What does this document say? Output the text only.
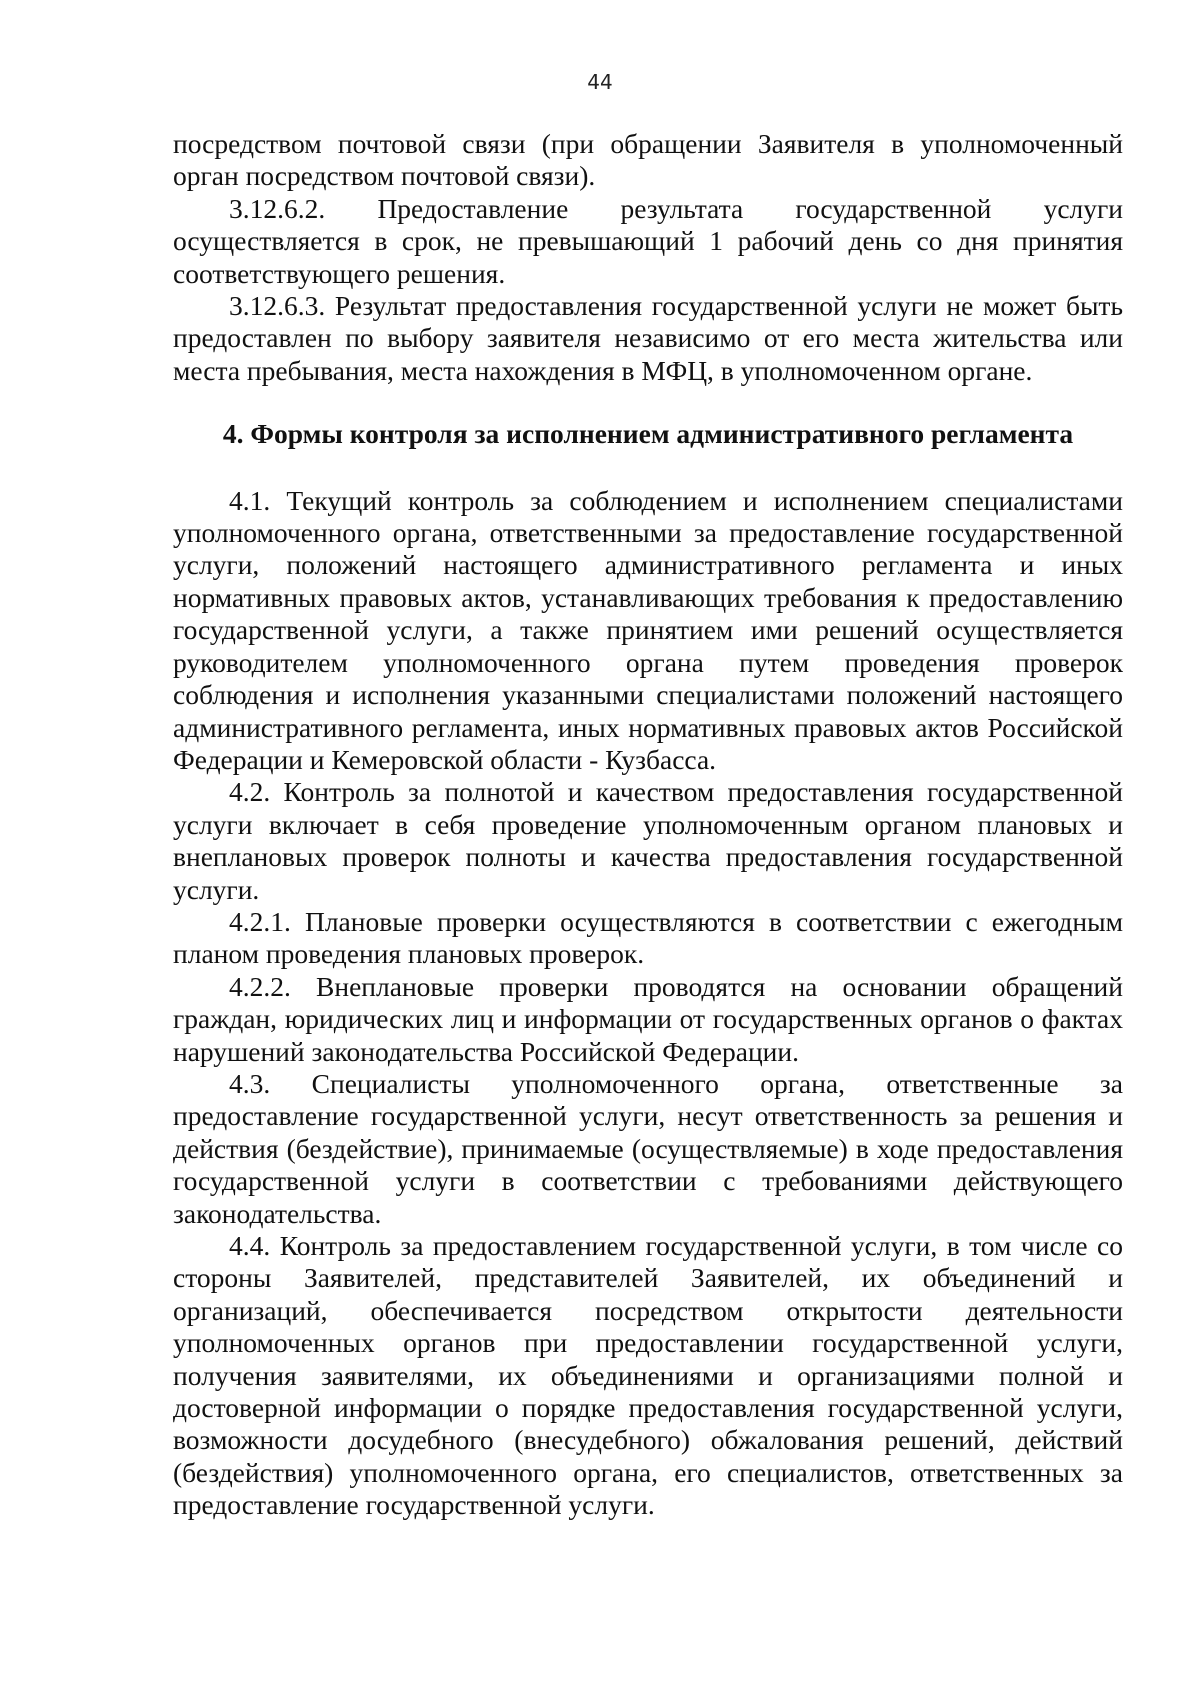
44

посредством почтовой связи (при обращении Заявителя в уполномоченный орган посредством почтовой связи).

3.12.6.2. Предоставление результата государственной услуги осуществляется в срок, не превышающий 1 рабочий день со дня принятия соответствующего решения.

3.12.6.3. Результат предоставления государственной услуги не может быть предоставлен по выбору заявителя независимо от его места жительства или места пребывания, места нахождения в МФЦ, в уполномоченном органе.

4. Формы контроля за исполнением административного регламента

4.1. Текущий контроль за соблюдением и исполнением специалистами уполномоченного органа, ответственными за предоставление государственной услуги, положений настоящего административного регламента и иных нормативных правовых актов, устанавливающих требования к предоставлению государственной услуги, а также принятием ими решений осуществляется руководителем уполномоченного органа путем проведения проверок соблюдения и исполнения указанными специалистами положений настоящего административного регламента, иных нормативных правовых актов Российской Федерации и Кемеровской области - Кузбасса.

4.2. Контроль за полнотой и качеством предоставления государственной услуги включает в себя проведение уполномоченным органом плановых и внеплановых проверок полноты и качества предоставления государственной услуги.

4.2.1. Плановые проверки осуществляются в соответствии с ежегодным планом проведения плановых проверок.

4.2.2. Внеплановые проверки проводятся на основании обращений граждан, юридических лиц и информации от государственных органов о фактах нарушений законодательства Российской Федерации.

4.3. Специалисты уполномоченного органа, ответственные за предоставление государственной услуги, несут ответственность за решения и действия (бездействие), принимаемые (осуществляемые) в ходе предоставления государственной услуги в соответствии с требованиями действующего законодательства.

4.4. Контроль за предоставлением государственной услуги, в том числе со стороны Заявителей, представителей Заявителей, их объединений и организаций, обеспечивается посредством открытости деятельности уполномоченных органов при предоставлении государственной услуги, получения заявителями, их объединениями и организациями полной и достоверной информации о порядке предоставления государственной услуги, возможности досудебного (внесудебного) обжалования решений, действий (бездействия) уполномоченного органа, его специалистов, ответственных за предоставление государственной услуги.
